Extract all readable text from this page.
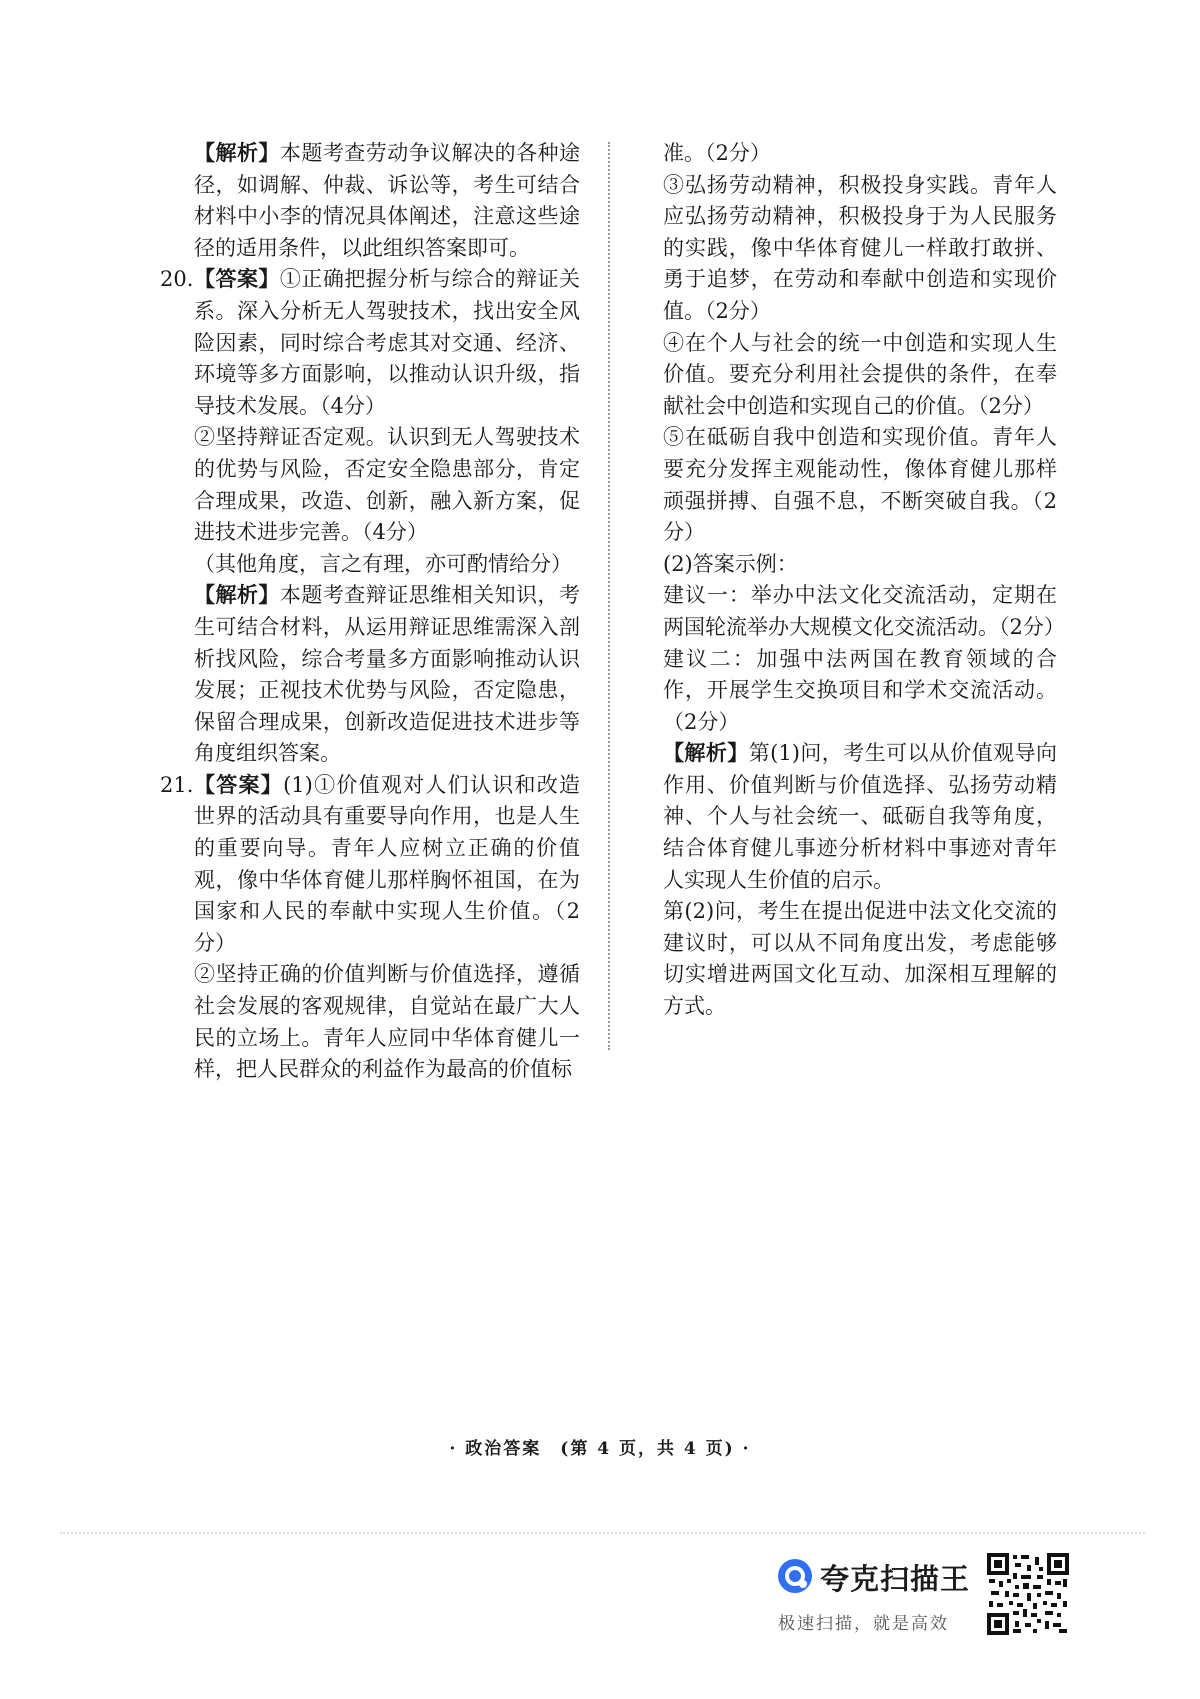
【解析】本题考查劳动争议解决的各种途径，如调解、仲裁、诉讼等，考生可结合材料中小李的情况具体阐述，注意这些途径的适用条件，以此组织答案即可。

20. 【答案】①正确把握分析与综合的辩证关系。深入分析无人驾驶技术，找出安全风险因素，同时综合考虑其对交通、经济、环境等多方面影响，以推动认识升级，指导技术发展。（4分）

②坚持辩证否定观。认识到无人驾驶技术的优势与风险，否定安全隐患部分，肯定合理成果，改造、创新，融入新方案，促进技术进步完善。（4分）

（其他角度，言之有理，亦可酌情给分）

【解析】本题考查辩证思维相关知识，考生可结合材料，从运用辩证思维需深入剖析找风险，综合考量多方面影响推动认识发展；正视技术优势与风险，否定隐患，保留合理成果，创新改造促进技术进步等角度组织答案。

21. 【答案】(1)①价值观对人们认识和改造世界的活动具有重要导向作用，也是人生的重要向导。青年人应树立正确的价值观，像中华体育健儿那样胸怀祖国，在为国家和人民的奉献中实现人生价值。（2分）

②坚持正确的价值判断与价值选择，遵循社会发展的客观规律，自觉站在最广大人民的立场上。青年人应同中华体育健儿一样，把人民群众的利益作为最高的价值标

准。（2分）

③弘扬劳动精神，积极投身实践。青年人应弘扬劳动精神，积极投身于为人民服务的实践，像中华体育健儿一样敢打敢拼、勇于追梦，在劳动和奉献中创造和实现价值。（2分）

④在个人与社会的统一中创造和实现人生价值。要充分利用社会提供的条件，在奉献社会中创造和实现自己的价值。（2分）

⑤在砥砺自我中创造和实现价值。青年人要充分发挥主观能动性，像体育健儿那样顽强拼搏、自强不息，不断突破自我。（2分）

(2)答案示例：

建议一：举办中法文化交流活动，定期在两国轮流举办大规模文化交流活动。（2分）

建议二：加强中法两国在教育领域的合作，开展学生交换项目和学术交流活动。（2分）

【解析】第(1)问，考生可以从价值观导向作用、价值判断与价值选择、弘扬劳动精神、个人与社会统一、砥砺自我等角度，结合体育健儿事迹分析材料中事迹对青年人实现人生价值的启示。

第(2)问，考生在提出促进中法文化交流的建议时，可以从不同角度出发，考虑能够切实增进两国文化互动、加深相互理解的方式。

· 政治答案　(第 4 页，共 4 页) ·
夸克扫描王
极速扫描，就是高效
